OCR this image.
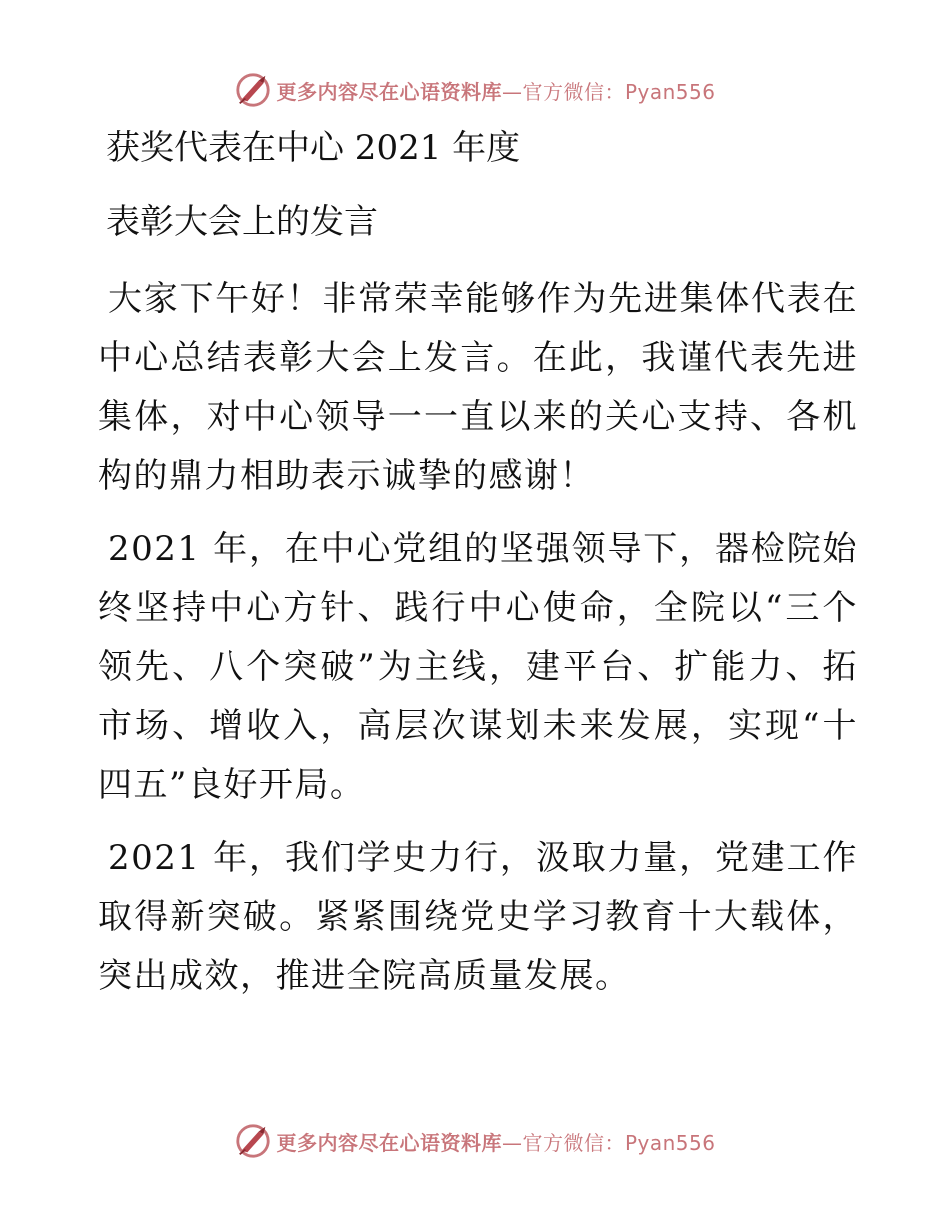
更多内容尽在心语资料库—官方微信：Pyan556
获奖代表在中心 2021 年度
表彰大会上的发言

大家下午好！非常荣幸能够作为先进集体代表在中心总结表彰大会上发言。在此，我谨代表先进集体，对中心领导一一直以来的关心支持、各机构的鼎力相助表示诚挚的感谢！

2021 年，在中心党组的坚强领导下，器检院始终坚持中心方针、践行中心使命，全院以“三个领先、八个突破”为主线，建平台、扩能力、拓市场、增收入，高层次谋划未来发展，实现“十四五”良好开局。

2021 年，我们学史力行，汲取力量，党建工作取得新突破。紧紧围绕党史学习教育十大载体，突出成效，推进全院高质量发展。

更多内容尽在心语资料库—官方微信：Pyan556
